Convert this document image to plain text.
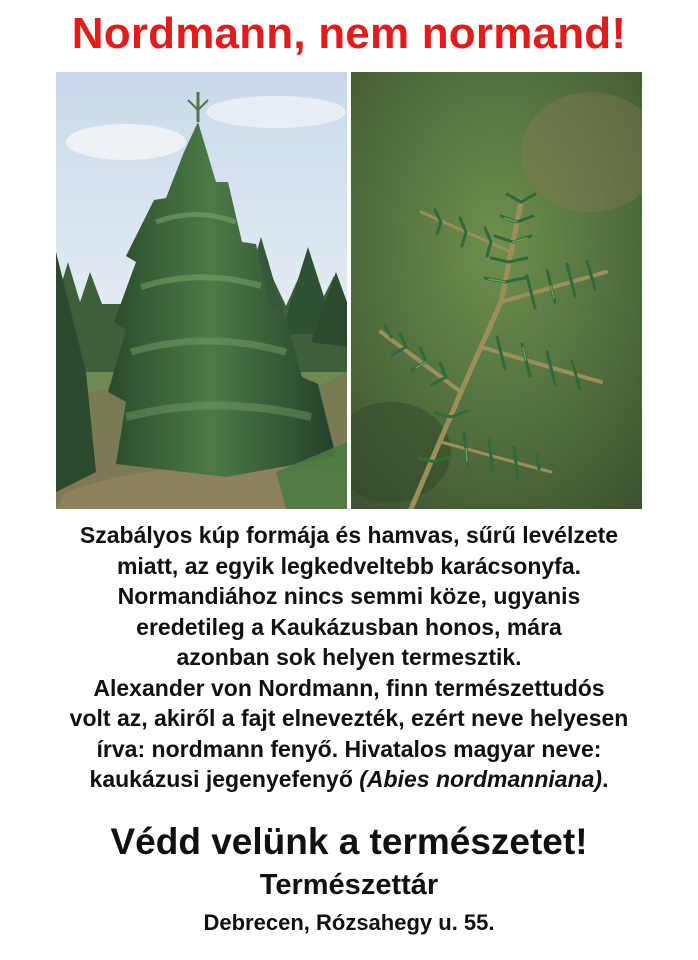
Nordmann, nem normand!
Szabályos kúp formája és hamvas, sűrű levélzete
miatt, az egyik legkedveltebb karácsonyfa.
Normandiához nincs semmi köze, ugyanis
eredetileg a Kaukázusban honos, mára
azonban sok helyen termesztik.
Alexander von Nordmann, finn természettudós
volt az, akiről a fajt elnevezték, ezért neve helyesen
írva: nordmann fenyő. Hivatalos magyar neve:
kaukázusi jegenyefenyő (Abies nordmanniana).
Védd velünk a természetet!
Természettár
Debrecen, Rózsahegy u. 55.
